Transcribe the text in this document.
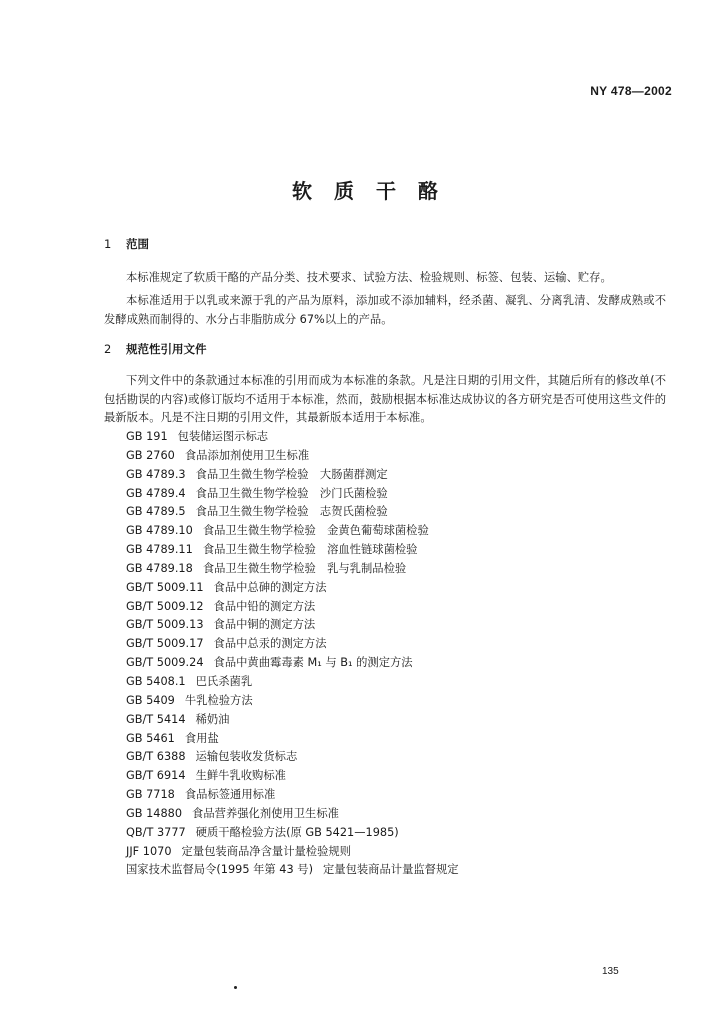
NY 478—2002
软质干酪
1 范围

本标准规定了软质干酪的产品分类、技术要求、试验方法、检验规则、标签、包装、运输、贮存。

本标准适用于以乳或来源于乳的产品为原料，添加或不添加辅料，经杀菌、凝乳、分离乳清、发酵成熟或不发酵成熟而制得的、水分占非脂肪成分 67%以上的产品。

2 规范性引用文件

下列文件中的条款通过本标准的引用而成为本标准的条款。凡是注日期的引用文件，其随后所有的修改单(不包括勘误的内容)或修订版均不适用于本标准，然而，鼓励根据本标准达成协议的各方研究是否可使用这些文件的最新版本。凡是不注日期的引用文件，其最新版本适用于本标准。

GB 191 包装储运图示标志
GB 2760 食品添加剂使用卫生标准
GB 4789.3 食品卫生微生物学检验　大肠菌群测定
GB 4789.4 食品卫生微生物学检验　沙门氏菌检验
GB 4789.5 食品卫生微生物学检验　志贺氏菌检验
GB 4789.10 食品卫生微生物学检验　金黄色葡萄球菌检验
GB 4789.11 食品卫生微生物学检验　溶血性链球菌检验
GB 4789.18 食品卫生微生物学检验　乳与乳制品检验
GB/T 5009.11 食品中总砷的测定方法
GB/T 5009.12 食品中铅的测定方法
GB/T 5009.13 食品中铜的测定方法
GB/T 5009.17 食品中总汞的测定方法
GB/T 5009.24 食品中黄曲霉毒素 M₁ 与 B₁ 的测定方法
GB 5408.1 巴氏杀菌乳
GB 5409 牛乳检验方法
GB/T 5414 稀奶油
GB 5461 食用盐
GB/T 6388 运输包装收发货标志
GB/T 6914 生鲜牛乳收购标准
GB 7718 食品标签通用标准
GB 14880 食品营养强化剂使用卫生标准
QB/T 3777 硬质干酪检验方法(原 GB 5421—1985)
JJF 1070 定量包装商品净含量计量检验规则
国家技术监督局令(1995 年第 43 号) 定量包装商品计量监督规定
135
